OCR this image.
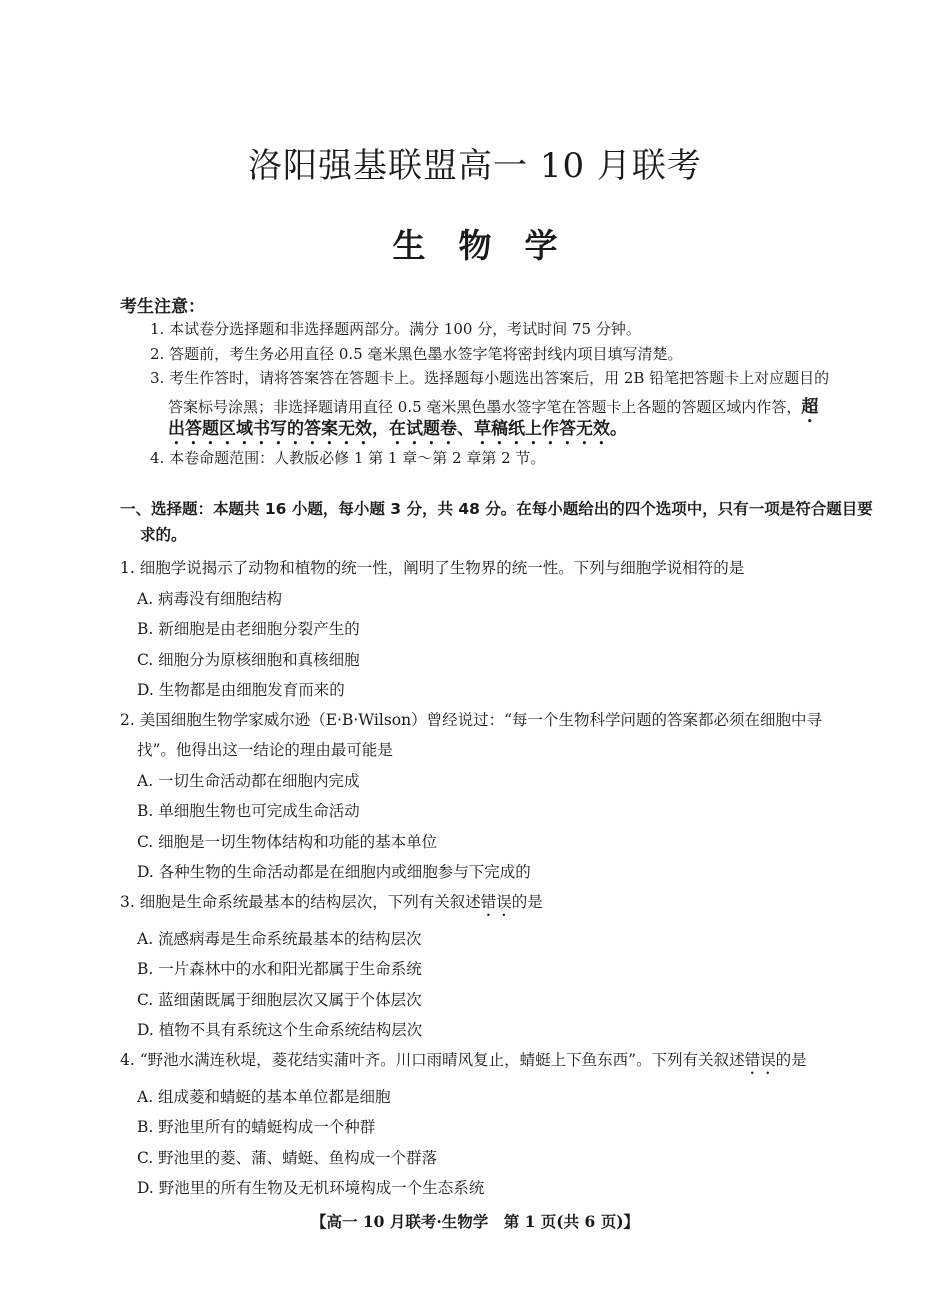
洛阳强基联盟高一 10 月联考
生　物　学
考生注意：
1. 本试卷分选择题和非选择题两部分。满分 100 分，考试时间 75 分钟。
2. 答题前，考生务必用直径 0.5 毫米黑色墨水签字笔将密封线内项目填写清楚。
3. 考生作答时，请将答案答在答题卡上。选择题每小题选出答案后，用 2B 铅笔把答题卡上对应题目的
答案标号涂黑；非选择题请用直径 0.5 毫米黑色墨水签字笔在答题卡上各题的答题区域内作答，超
出答题区域书写的答案无效，在试题卷、草稿纸上作答无效。
4. 本卷命题范围：人教版必修 1 第 1 章～第 2 章第 2 节。
一、选择题：本题共 16 小题，每小题 3 分，共 48 分。在每小题给出的四个选项中，只有一项是符合题目要
求的。
1. 细胞学说揭示了动物和植物的统一性，阐明了生物界的统一性。下列与细胞学说相符的是
A. 病毒没有细胞结构
B. 新细胞是由老细胞分裂产生的
C. 细胞分为原核细胞和真核细胞
D. 生物都是由细胞发育而来的
2. 美国细胞生物学家威尔逊（E·B·Wilson）曾经说过：“每一个生物科学问题的答案都必须在细胞中寻
找”。他得出这一结论的理由最可能是
A. 一切生命活动都在细胞内完成
B. 单细胞生物也可完成生命活动
C. 细胞是一切生物体结构和功能的基本单位
D. 各种生物的生命活动都是在细胞内或细胞参与下完成的
3. 细胞是生命系统最基本的结构层次，下列有关叙述错误的是
A. 流感病毒是生命系统最基本的结构层次
B. 一片森林中的水和阳光都属于生命系统
C. 蓝细菌既属于细胞层次又属于个体层次
D. 植物不具有系统这个生命系统结构层次
4. “野池水满连秋堤，菱花结实蒲叶齐。川口雨晴风复止，蜻蜓上下鱼东西”。下列有关叙述错误的是
A. 组成菱和蜻蜓的基本单位都是细胞
B. 野池里所有的蜻蜓构成一个种群
C. 野池里的菱、蒲、蜻蜓、鱼构成一个群落
D. 野池里的所有生物及无机环境构成一个生态系统
【高一 10 月联考·生物学　第 1 页(共 6 页)】
